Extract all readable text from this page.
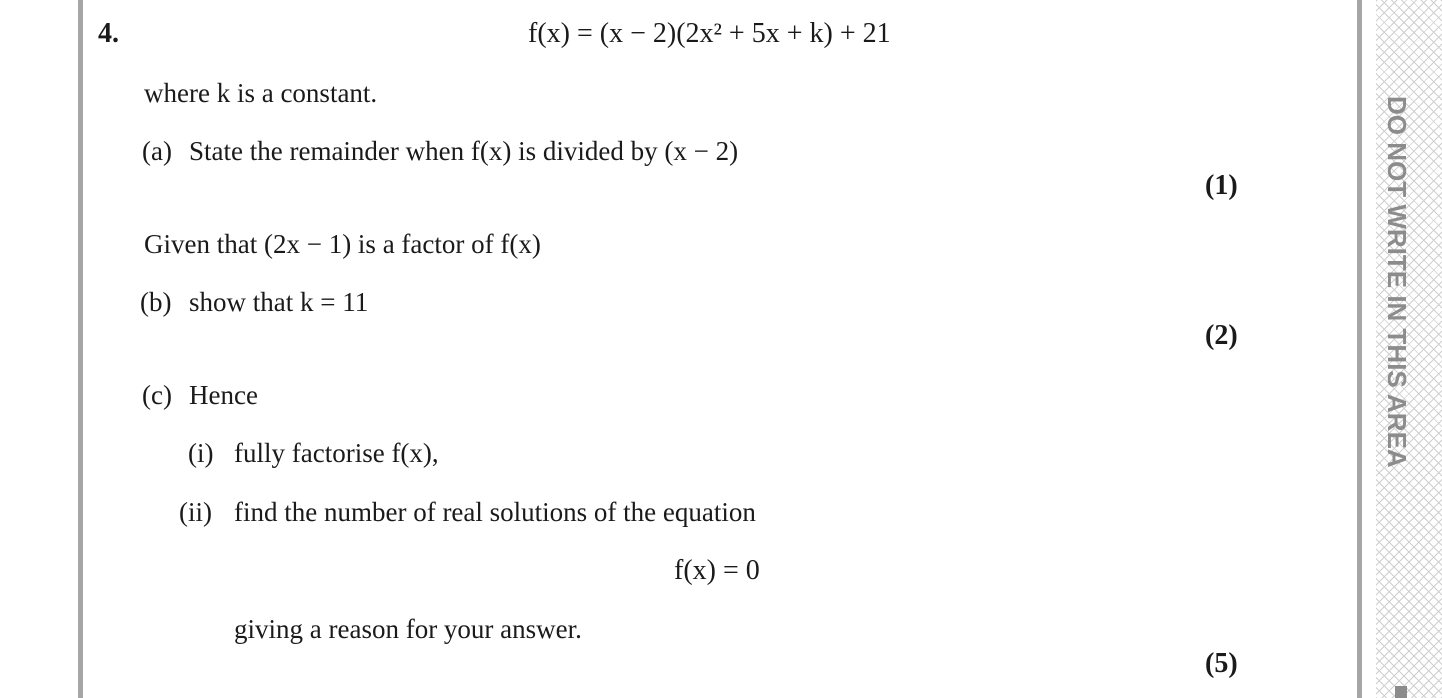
DO NOT WRITE IN THIS AREA
4.	f(x) = (x − 2)(2x² + 5x + k) + 21
where k is a constant.
(a) State the remainder when f(x) is divided by (x − 2)
(1)
Given that (2x − 1) is a factor of f(x)
(b) show that k = 11
(2)
(c) Hence
(i) fully factorise f(x),
(ii) find the number of real solutions of the equation
f(x) = 0
giving a reason for your answer.
(5)
